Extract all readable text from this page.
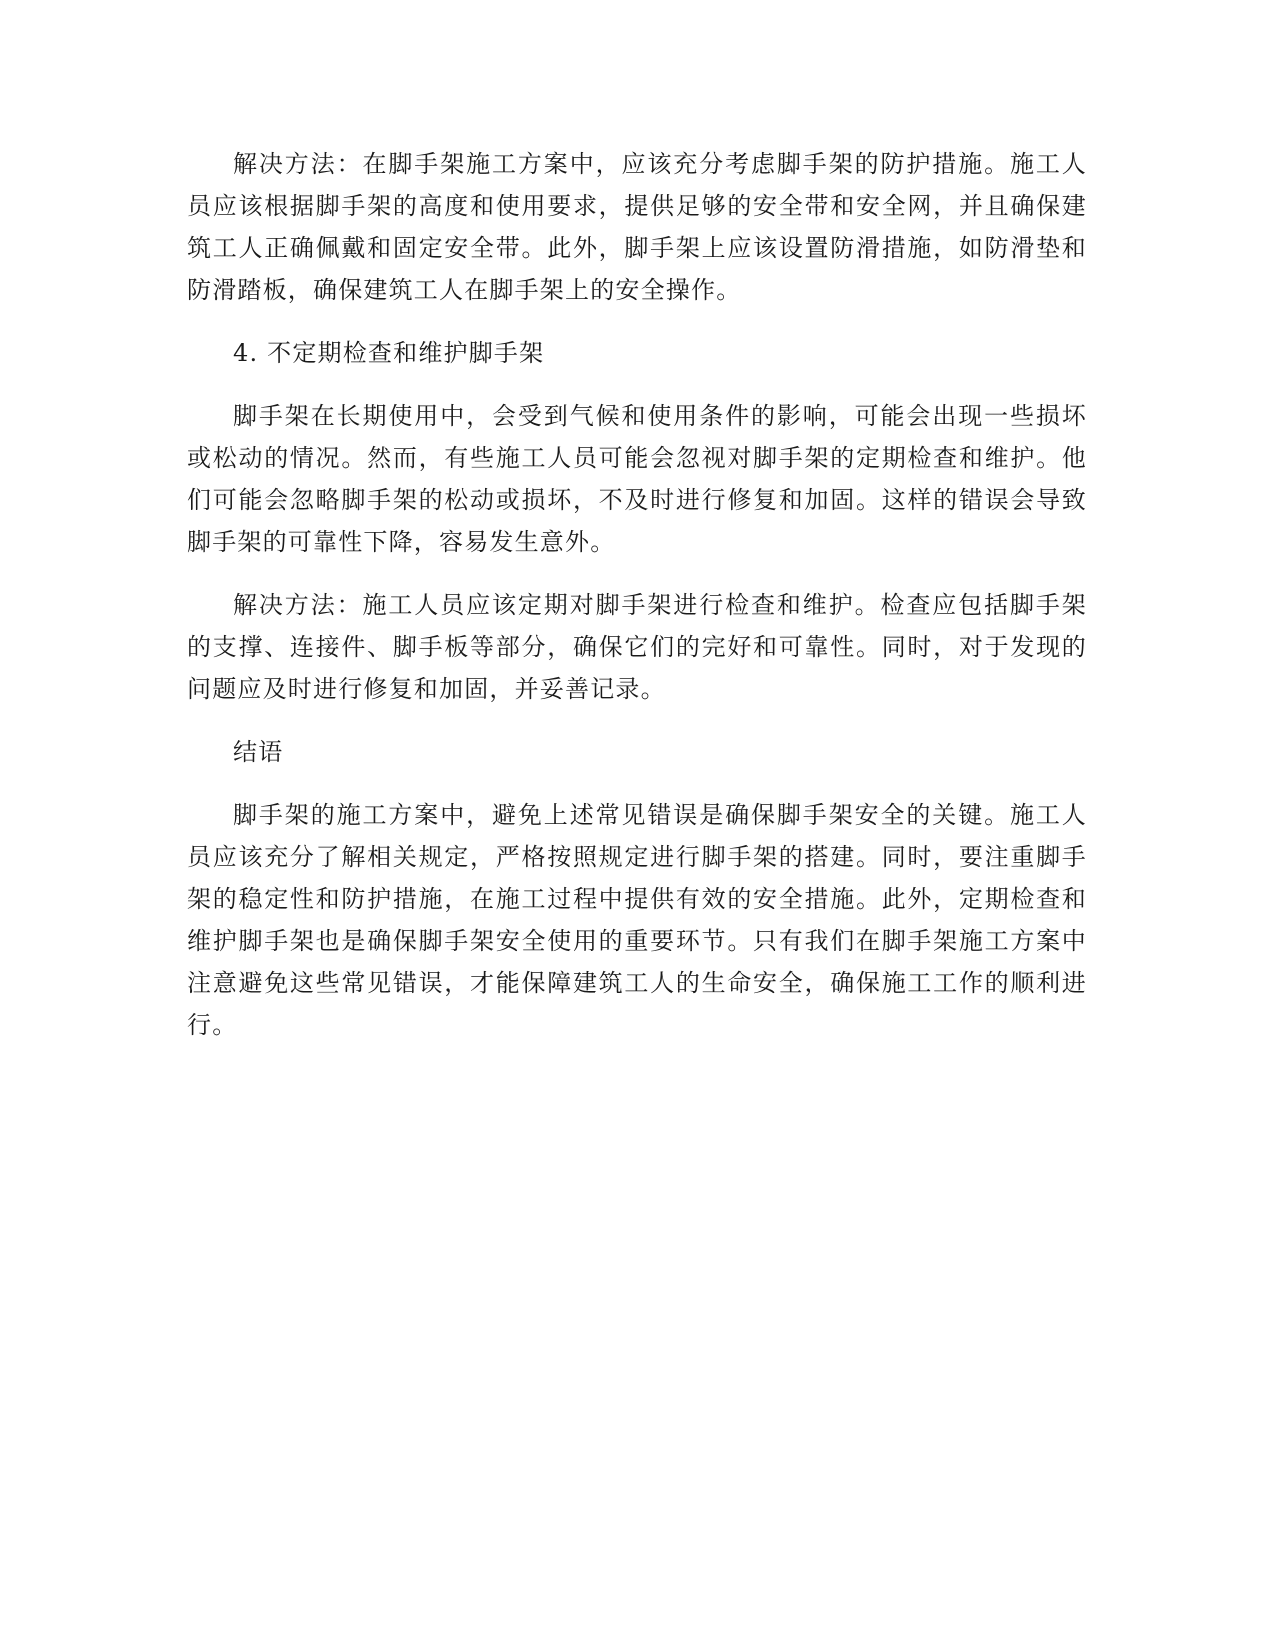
解决方法：在脚手架施工方案中，应该充分考虑脚手架的防护措施。施工人员应该根据脚手架的高度和使用要求，提供足够的安全带和安全网，并且确保建筑工人正确佩戴和固定安全带。此外，脚手架上应该设置防滑措施，如防滑垫和防滑踏板，确保建筑工人在脚手架上的安全操作。

4. 不定期检查和维护脚手架

脚手架在长期使用中，会受到气候和使用条件的影响，可能会出现一些损坏或松动的情况。然而，有些施工人员可能会忽视对脚手架的定期检查和维护。他们可能会忽略脚手架的松动或损坏，不及时进行修复和加固。这样的错误会导致脚手架的可靠性下降，容易发生意外。

解决方法：施工人员应该定期对脚手架进行检查和维护。检查应包括脚手架的支撑、连接件、脚手板等部分，确保它们的完好和可靠性。同时，对于发现的问题应及时进行修复和加固，并妥善记录。

结语

脚手架的施工方案中，避免上述常见错误是确保脚手架安全的关键。施工人员应该充分了解相关规定，严格按照规定进行脚手架的搭建。同时，要注重脚手架的稳定性和防护措施，在施工过程中提供有效的安全措施。此外，定期检查和维护脚手架也是确保脚手架安全使用的重要环节。只有我们在脚手架施工方案中注意避免这些常见错误，才能保障建筑工人的生命安全，确保施工工作的顺利进行。
